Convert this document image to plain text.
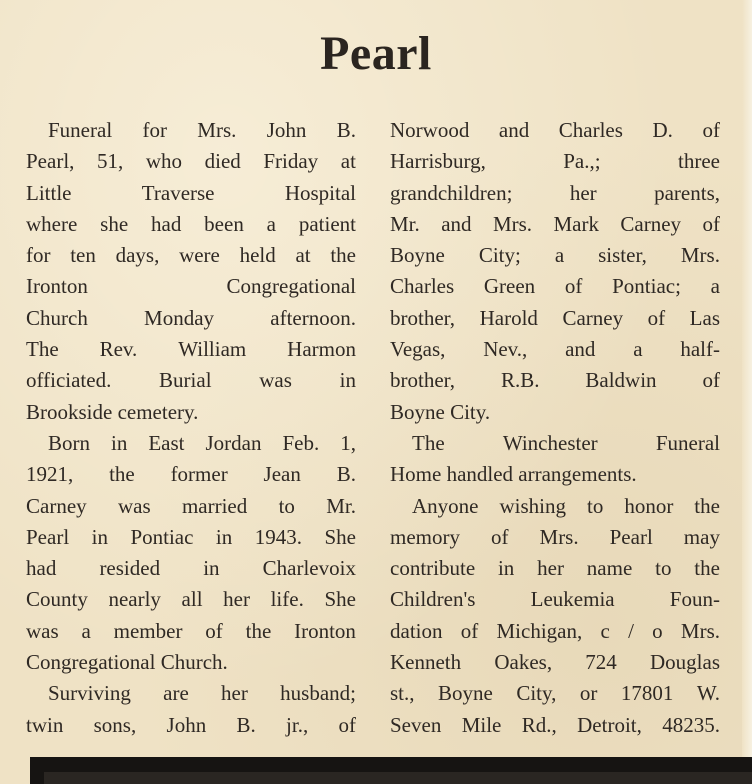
Pearl
Funeral for Mrs. John B.
Pearl, 51, who died Friday at
Little	Traverse	Hospital
where she had been a patient
for ten days, were held at the
Ironton	Congregational
Church	Monday	afternoon.
The Rev. William Harmon
officiated. Burial was in
Brookside cemetery.
Born in East Jordan Feb. 1,
1921, the former Jean B.
Carney was married to Mr.
Pearl in Pontiac in 1943. She
had resided in Charlevoix
County nearly all her life. She
was a member of the Ironton
Congregational Church.
Surviving are her husband;
twin sons, John B. jr., of
Norwood and Charles D. of
Harrisburg,	Pa.,;	three
grandchildren;	her	parents,
Mr. and Mrs. Mark Carney of
Boyne City; a sister, Mrs.
Charles Green of Pontiac; a
brother, Harold Carney of Las
Vegas, Nev., and a half-
brother, R.B. Baldwin of
Boyne City.
The	Winchester	Funeral
Home handled arrangements.
Anyone wishing to honor the
memory of Mrs. Pearl may
contribute in her name to the
Children's	Leukemia	Foun-
dation of Michigan, c / o Mrs.
Kenneth Oakes, 724 Douglas
st., Boyne City, or 17801 W.
Seven Mile Rd., Detroit, 48235.
